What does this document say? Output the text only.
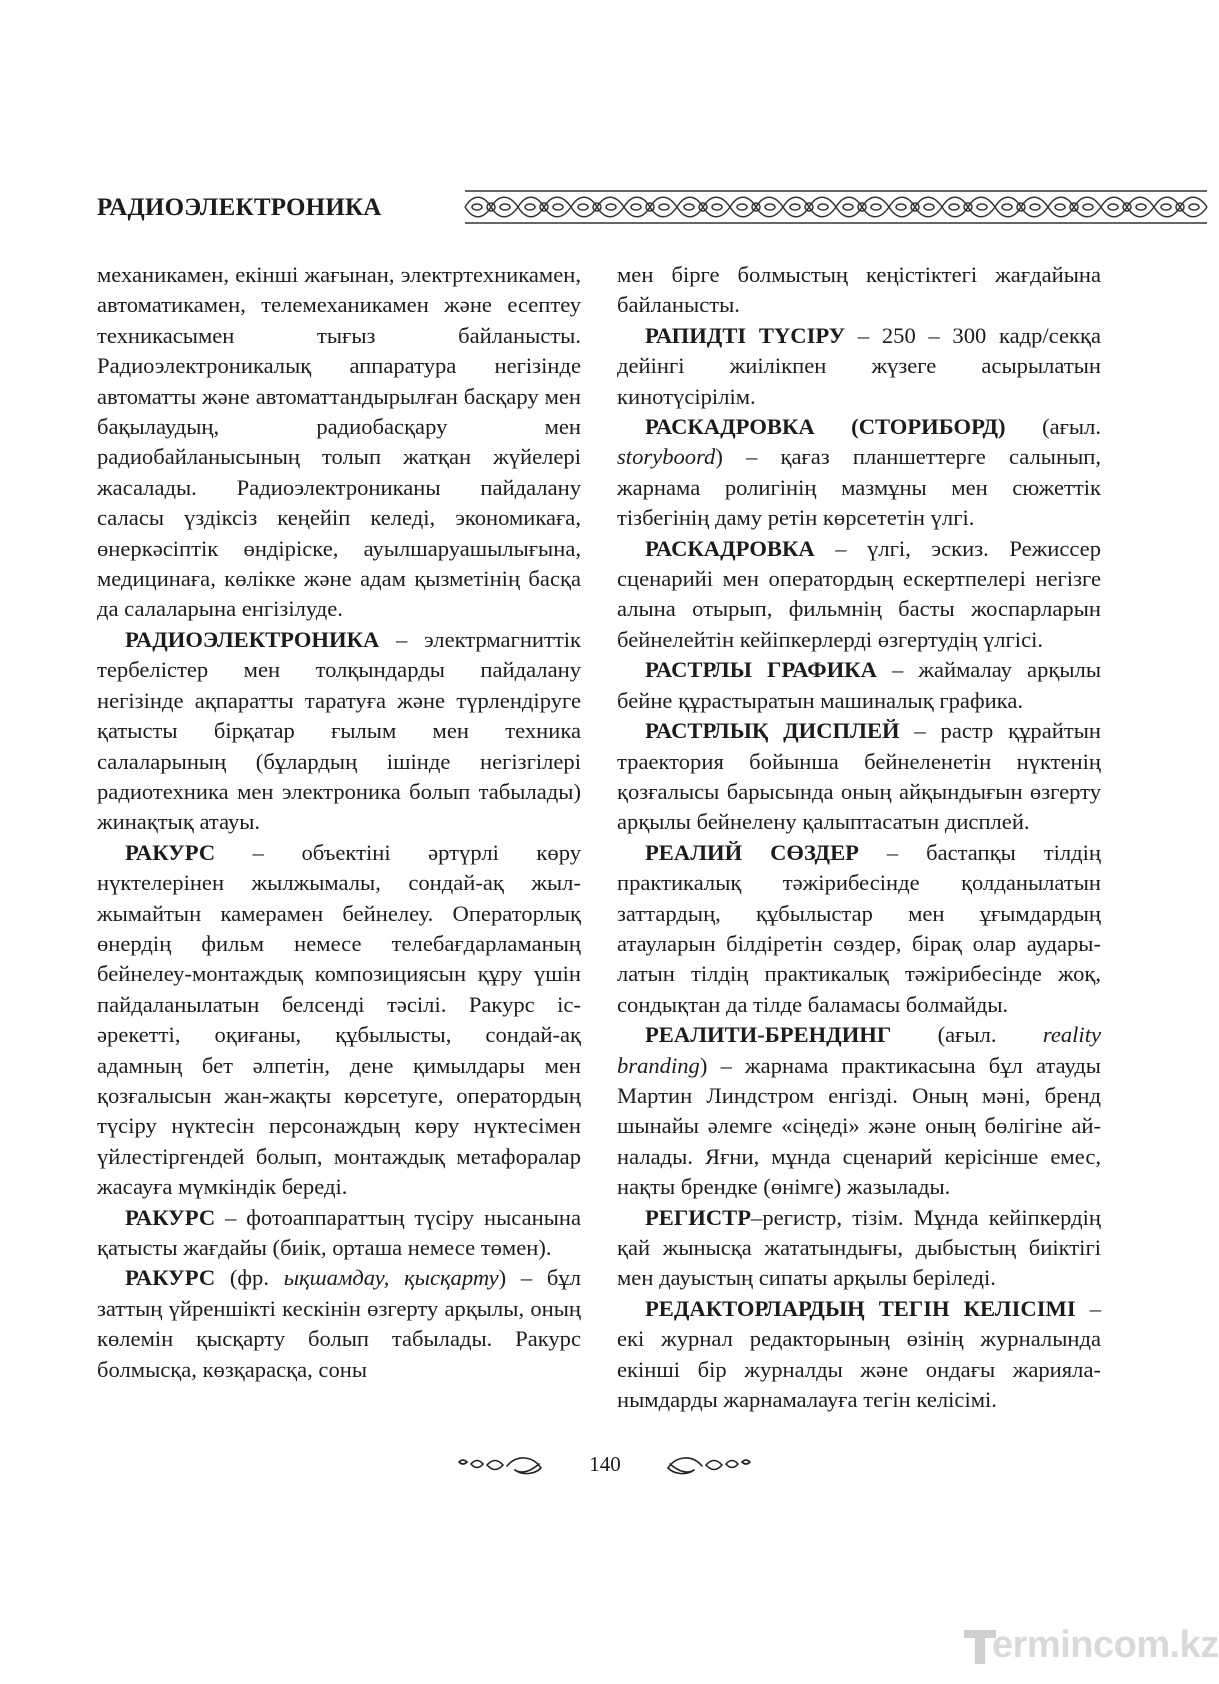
РАДИОЭЛЕКТРОНИКА

механикамен, екінші жағынан, электртехникамен, автоматикамен, телемеханикамен және есептеу техникасымен тығыз байланысты. Радиоэлектроникалық аппаратура негізінде автоматты және автоматтандырылған басқару мен бақылаудың, радиобасқару мен радиобайланысының толып жатқан жүйелері жасалады. Радиоэлектрониканы пайдалану саласы үздіксіз кеңейіп келеді, экономикаға, өнеркәсіптік өндіріске, ауылшаруашылығына, медицинаға, көлікке және адам қызметінің басқа да салаларына енгізілуде.

РАДИОЭЛЕКТРОНИКА – электрмагниттік тербелістер мен толқындарды пайдалану негізінде ақпаратты таратуға және түрлендіруге қатысты бірқатар ғылым мен техника салаларының (бұлардың ішінде негізгілері радиотехника мен электроника болып табылады) жинақтық атауы.

РАКУРС – объектіні әртүрлі көру нүктелерінен жылжымалы, сондай-ақ жылжымайтын камерамен бейнелеу. Операторлық өнердің фильм немесе телебағдарламаның бейнелеу-монтаждық композициясын құру үшін пайдаланылатын белсенді тәсілі. Ракурс іс-әрекетті, оқиғаны, құбылысты, сондай-ақ адамның бет әлпетін, дене қимылдары мен қозғалысын жан-жақты көрсетуге, оператордың түсіру нүктесін персонаждың көру нүктесімен үйлестіргендей болып, монтаждық метафоралар жасауға мүмкіндік береді.

РАКУРС – фотоаппараттың түсіру нысанына қатысты жағдайы (биік, орташа немесе төмен).

РАКУРС (фр. ықшамдау, қысқарту) – бұл заттың үйреншікті кескінін өзгерту арқылы, оның көлемін қысқарту болып табылады. Ракурс болмысқа, көзқарасқа, соны

мен бірге болмыстың кеңістіктегі жағдайына байланысты.

РАПИДТІ ТҮСІРУ – 250 – 300 кадр/секқа дейінгі жиілікпен жүзеге асырылатын кинотүсірілім.

РАСКАДРОВКА (СТОРИБОРД) (ағыл. storyboord) – қағаз планшеттерге салынып, жарнама ролигінің мазмұны мен сюжеттік тізбегінің даму ретін көрсететін үлгі.

РАСКАДРОВКА – үлгі, эскиз. Режиссер сценарийі мен оператордың ескертпелері негізге алына отырып, фильмнің басты жоспарларын бейнелейтін кейіпкерлерді өзгертудің үлгісі.

РАСТРЛЫ ГРАФИКА – жаймалау арқылы бейне құрастыратын машиналық графика.

РАСТРЛЫҚ ДИСПЛЕЙ – растр құрайтын траектория бойынша бейнеленетін нүктенің қозғалысы барысында оның айқындығын өзгерту арқылы бейнелену қалыптасатын дисплей.

РЕАЛИЙ СӨЗДЕР – бастапқы тілдің практикалық тәжірибесінде қолданылатын заттардың, құбылыстар мен ұғымдардың атауларын білдіретін сөздер, бірақ олар аударылатын тілдің практикалық тәжірибесінде жоқ, сондықтан да тілде баламасы болмайды.

РЕАЛИТИ-БРЕНДИНГ (ағыл. reality branding) – жарнама практикасына бұл атауды Мартин Линдстром енгізді. Оның мәні, бренд шынайы әлемге «сіңеді» және оның бөлігіне айналады. Яғни, мұнда сценарий керісінше емес, нақты брендке (өнімге) жазылады.

РЕГИСТР–регистр, тізім. Мұнда кейіпкердің қай жынысқа жататындығы, дыбыстың биіктігі мен дауыстың сипаты арқылы беріледі.

РЕДАКТОРЛАРДЫҢ ТЕГІН КЕЛІСІМІ – екі журнал редакторының өзінің журналында екінші бір журналды және ондағы жарияланымдарды жарнамалауға тегін келісімі.

140
ermincom.kz
